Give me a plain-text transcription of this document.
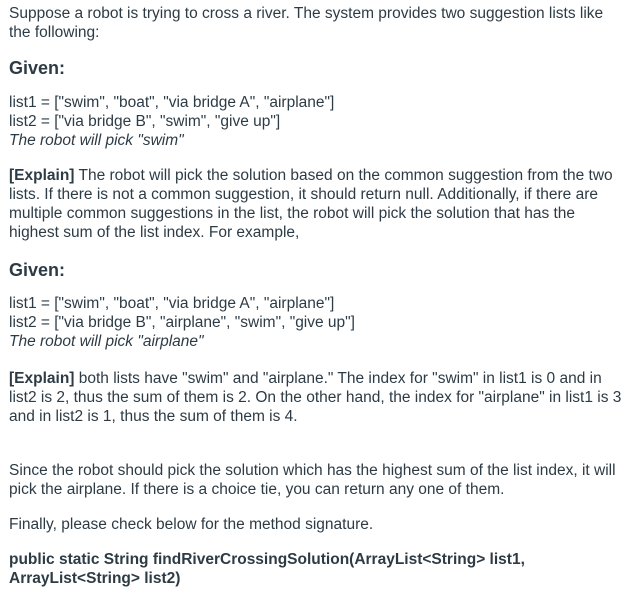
Suppose a robot is trying to cross a river. The system provides two suggestion lists like the following:

Given:
list1 = ["swim", "boat", "via bridge A", "airplane"]
list2 = ["via bridge B", "swim", "give up"]
The robot will pick "swim"

[Explain] The robot will pick the solution based on the common suggestion from the two lists. If there is not a common suggestion, it should return null. Additionally, if there are multiple common suggestions in the list, the robot will pick the solution that has the highest sum of the list index. For example,

Given:
list1 = ["swim", "boat", "via bridge A", "airplane"]
list2 = ["via bridge B", "airplane", "swim", "give up"]
The robot will pick "airplane"

[Explain] both lists have "swim" and "airplane." The index for "swim" in list1 is 0 and in list2 is 2, thus the sum of them is 2. On the other hand, the index for "airplane" in list1 is 3 and in list2 is 1, thus the sum of them is 4.

Since the robot should pick the solution which has the highest sum of the list index, it will pick the airplane. If there is a choice tie, you can return any one of them.

Finally, please check below for the method signature.

public static String findRiverCrossingSolution(ArrayList<String> list1, ArrayList<String> list2)
